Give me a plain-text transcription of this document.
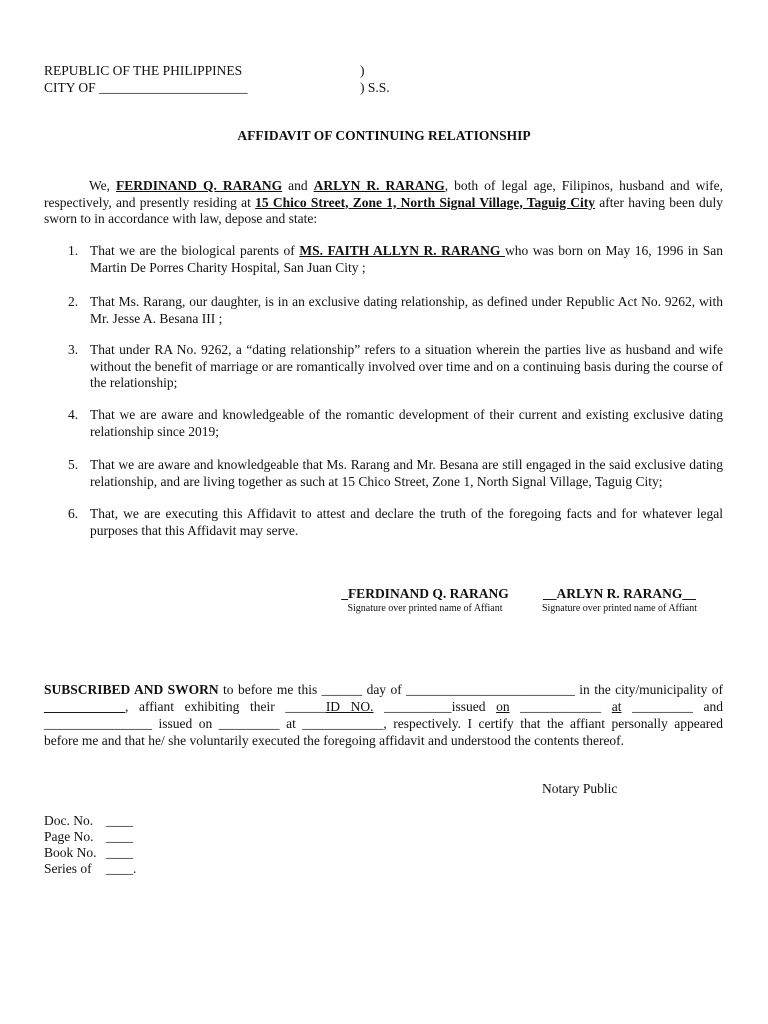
REPUBLIC OF THE PHILIPPINES	)
CITY OF ______________________	) S.S.
AFFIDAVIT OF CONTINUING RELATIONSHIP
We, FERDINAND Q. RARANG and ARLYN R. RARANG, both of legal age, Filipinos, husband and wife, respectively, and presently residing at 15 Chico Street, Zone 1, North Signal Village, Taguig City after having been duly sworn to in accordance with law, depose and state:
1. That we are the biological parents of MS. FAITH ALLYN R. RARANG who was born on May 16, 1996 in San Martin De Porres Charity Hospital, San Juan City ;
2. That Ms. Rarang, our daughter, is in an exclusive dating relationship, as defined under Republic Act No. 9262, with Mr. Jesse A. Besana III ;
3. That under RA No. 9262, a “dating relationship” refers to a situation wherein the parties live as husband and wife without the benefit of marriage or are romantically involved over time and on a continuing basis during the course of the relationship;
4. That we are aware and knowledgeable of the romantic development of their current and existing exclusive dating relationship since 2019;
5. That we are aware and knowledgeable that Ms. Rarang and Mr. Besana are still engaged in the said exclusive dating relationship, and are living together as such at 15 Chico Street, Zone 1, North Signal Village, Taguig City;
6. That, we are executing this Affidavit to attest and declare the truth of the foregoing facts and for whatever legal purposes that this Affidavit may serve.
_FERDINAND Q. RARANG
Signature over printed name of Affiant
__ARLYN R. RARANG__
Signature over printed name of Affiant
SUBSCRIBED AND SWORN to before me this ______ day of _________________________ in the city/municipality of
____________, affiant exhibiting their ______ID NO. __________issued on ____________ at _________ and
________________ issued on _________ at ____________, respectively. I certify that the affiant personally appeared
before me and that he/ she voluntarily executed the foregoing affidavit and understood the contents thereof.
Notary Public
Doc. No. ____
Page No. ____
Book No. ____
Series of ____.
